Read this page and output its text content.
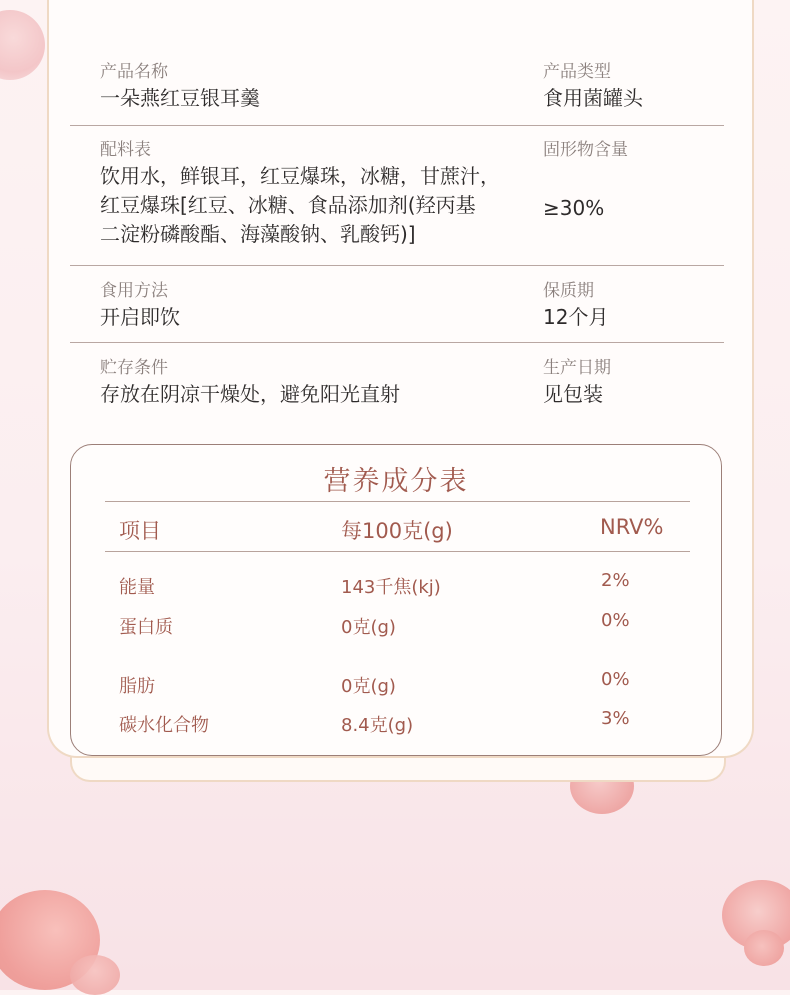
产品名称
一朵燕红豆银耳羹
产品类型
食用菌罐头
配料表
饮用水，鲜银耳，红豆爆珠，冰糖，甘蔗汁，
红豆爆珠[红豆、冰糖、食品添加剂(羟丙基
二淀粉磷酸酯、海藻酸钠、乳酸钙)]
固形物含量
≥30%
食用方法
开启即饮
保质期
12个月
贮存条件
存放在阴凉干燥处，避免阳光直射
生产日期
见包装
营养成分表
项目	每100克(g)	NRV%
能量	143千焦(kj)	2%
蛋白质	0克(g)	0%
脂肪	0克(g)	0%
碳水化合物	8.4克(g)	3%
